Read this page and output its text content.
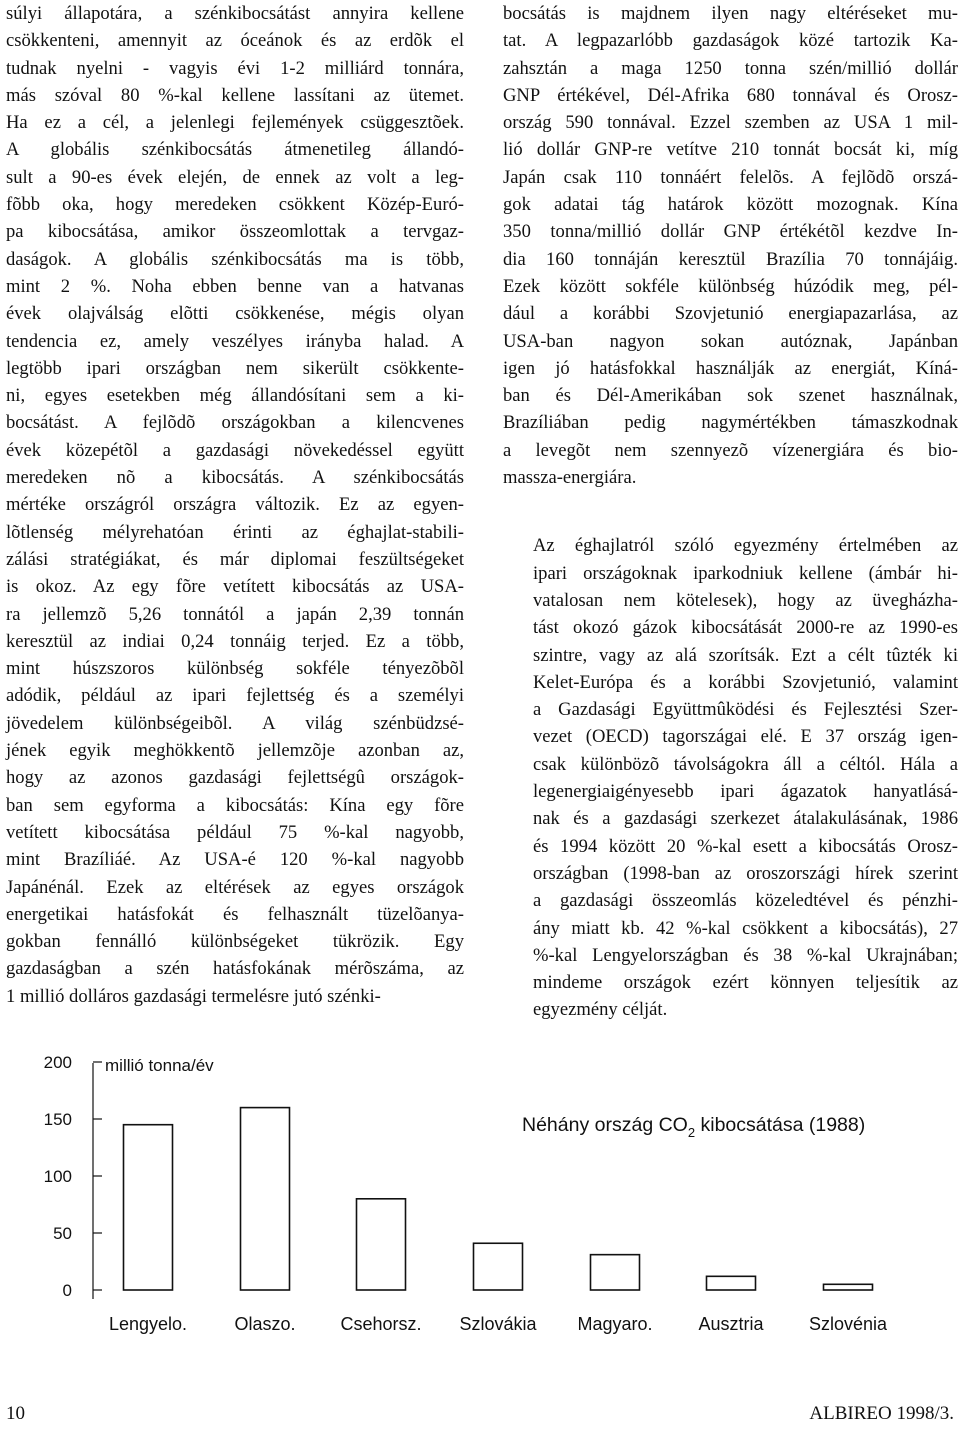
súlyi állapotára, a szénkibocsátást annyira kellene
csökkenteni, amennyit az óceánok és az erdõk el
tudnak nyelni - vagyis évi 1-2 milliárd tonnára,
más szóval 80 %-kal kellene lassítani az ütemet.
Ha ez a cél, a jelenlegi fejlemények csüggesztõek.
A globális szénkibocsátás átmenetileg állandó-
sult a 90-es évek elején, de ennek az volt a leg-
fõbb oka, hogy meredeken csökkent Közép-Euró-
pa kibocsátása, amikor összeomlottak a tervgaz-
daságok. A globális szénkibocsátás ma is több,
mint 2 %. Noha ebben benne van a hatvanas
évek olajválság elõtti csökkenése, mégis olyan
tendencia ez, amely veszélyes irányba halad. A
legtöbb ipari országban nem sikerült csökkente-
ni, egyes esetekben még állandósítani sem a ki-
bocsátást. A fejlõdõ országokban a kilencvenes
évek közepétõl a gazdasági növekedéssel együtt
meredeken nõ a kibocsátás. A szénkibocsátás
mértéke országról országra változik. Ez az egyen-
lõtlenség mélyrehatóan érinti az éghajlat-stabili-
zálási stratégiákat, és már diplomai feszültségeket
is okoz. Az egy fõre vetített kibocsátás az USA-
ra jellemzõ 5,26 tonnától a japán 2,39 tonnán
keresztül az indiai 0,24 tonnáig terjed. Ez a több,
mint húszszoros különbség sokféle tényezõbõl
adódik, például az ipari fejlettség és a személyi
jövedelem különbségeibõl. A világ szénbüdzsé-
jének egyik meghökkentõ jellemzõje azonban az,
hogy az azonos gazdasági fejlettségû országok-
ban sem egyforma a kibocsátás: Kína egy fõre
vetített kibocsátása például 75 %-kal nagyobb,
mint Brazíliáé. Az USA-é 120 %-kal nagyobb
Japánénál. Ezek az eltérések az egyes országok
energetikai hatásfokát és felhasznált tüzelõanya-
gokban fennálló különbségeket tükrözik. Egy
gazdaságban a szén hatásfokának mérõszáma, az
1 millió dolláros gazdasági termelésre jutó szénki-

bocsátás is majdnem ilyen nagy eltéréseket mu-
tat. A legpazarlóbb gazdaságok közé tartozik Ka-
zahsztán a maga 1250 tonna szén/millió dollár
GNP értékével, Dél-Afrika 680 tonnával és Orosz-
ország 590 tonnával. Ezzel szemben az USA 1 mil-
lió dollár GNP-re vetítve 210 tonnát bocsát ki, míg
Japán csak 110 tonnáért felelõs. A fejlõdõ orszá-
gok adatai tág határok között mozognak. Kína
350 tonna/millió dollár GNP értékétõl kezdve In-
dia 160 tonnáján keresztül Brazília 70 tonnájáig.
Ezek között sokféle különbség húzódik meg, pél-
dául a korábbi Szovjetunió energiapazarlása, az
USA-ban nagyon sokan autóznak, Japánban
igen jó hatásfokkal használják az energiát, Kíná-
ban és Dél-Amerikában sok szenet használnak,
Brazíliában pedig nagymértékben támaszkodnak
a levegõt nem szennyezõ vízenergiára és bio-
massza-energiára.

Az éghajlatról szóló egyezmény értelmében az
ipari országoknak iparkodniuk kellene (ámbár hi-
vatalosan nem kötelesek), hogy az üvegházha-
tást okozó gázok kibocsátását 2000-re az 1990-es
szintre, vagy az alá szorítsák. Ezt a célt tûzték ki
Kelet-Európa és a korábbi Szovjetunió, valamint
a Gazdasági Együttmûködési és Fejlesztési Szer-
vezet (OECD) tagországai elé. E 37 ország igen-
csak különbözõ távolságokra áll a céltól. Hála a
legenergiaigényesebb ipari ágazatok hanyatlásá-
nak és a gazdasági szerkezet átalakulásának, 1986
és 1994 között 20 %-kal esett a kibocsátás Orosz-
országban (1998-ban az oroszországi hírek szerint
a gazdasági összeomlás közeledtével és pénzhi-
ány miatt kb. 42 %-kal csökkent a kibocsátás), 27
%-kal Lengyelországban és 38 %-kal Ukrajnában;
mindeme országok ezért könnyen teljesítik az
egyezmény célját.

millió tonna/év
Néhány ország $CO_2$ kibocsátása (1988)
200
150
100
50
0
Lengyelo.	Olaszo. Csehorsz. Szlovákia Magyaro.	Ausztria	Szlovénia
10	ALBIREO 1998/3.
